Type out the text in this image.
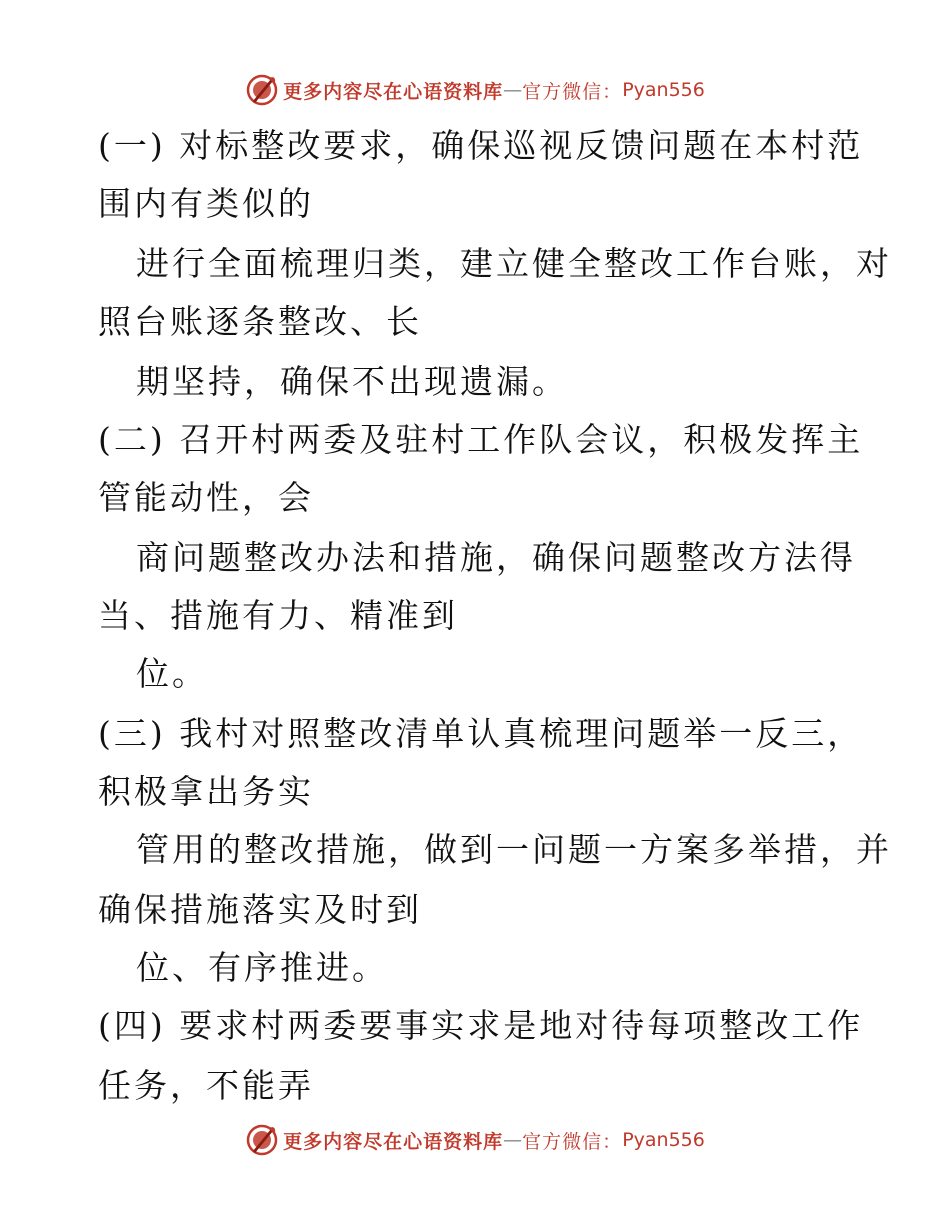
更多内容尽在心语资料库 — 官方微信： Pyan556
(一) 对标整改要求，确保巡视反馈问题在本村范
围内有类似的
进行全面梳理归类，建立健全整改工作台账，对
照台账逐条整改、长
期坚持，确保不出现遗漏。
(二) 召开村两委及驻村工作队会议，积极发挥主
管能动性，会
商问题整改办法和措施，确保问题整改方法得
当、措施有力、精准到
位。
(三) 我村对照整改清单认真梳理问题举一反三，
积极拿出务实
管用的整改措施，做到一问题一方案多举措，并
确保措施落实及时到
位、有序推进。
(四) 要求村两委要事实求是地对待每项整改工作
任务，不能弄
更多内容尽在心语资料库 — 官方微信： Pyan556
